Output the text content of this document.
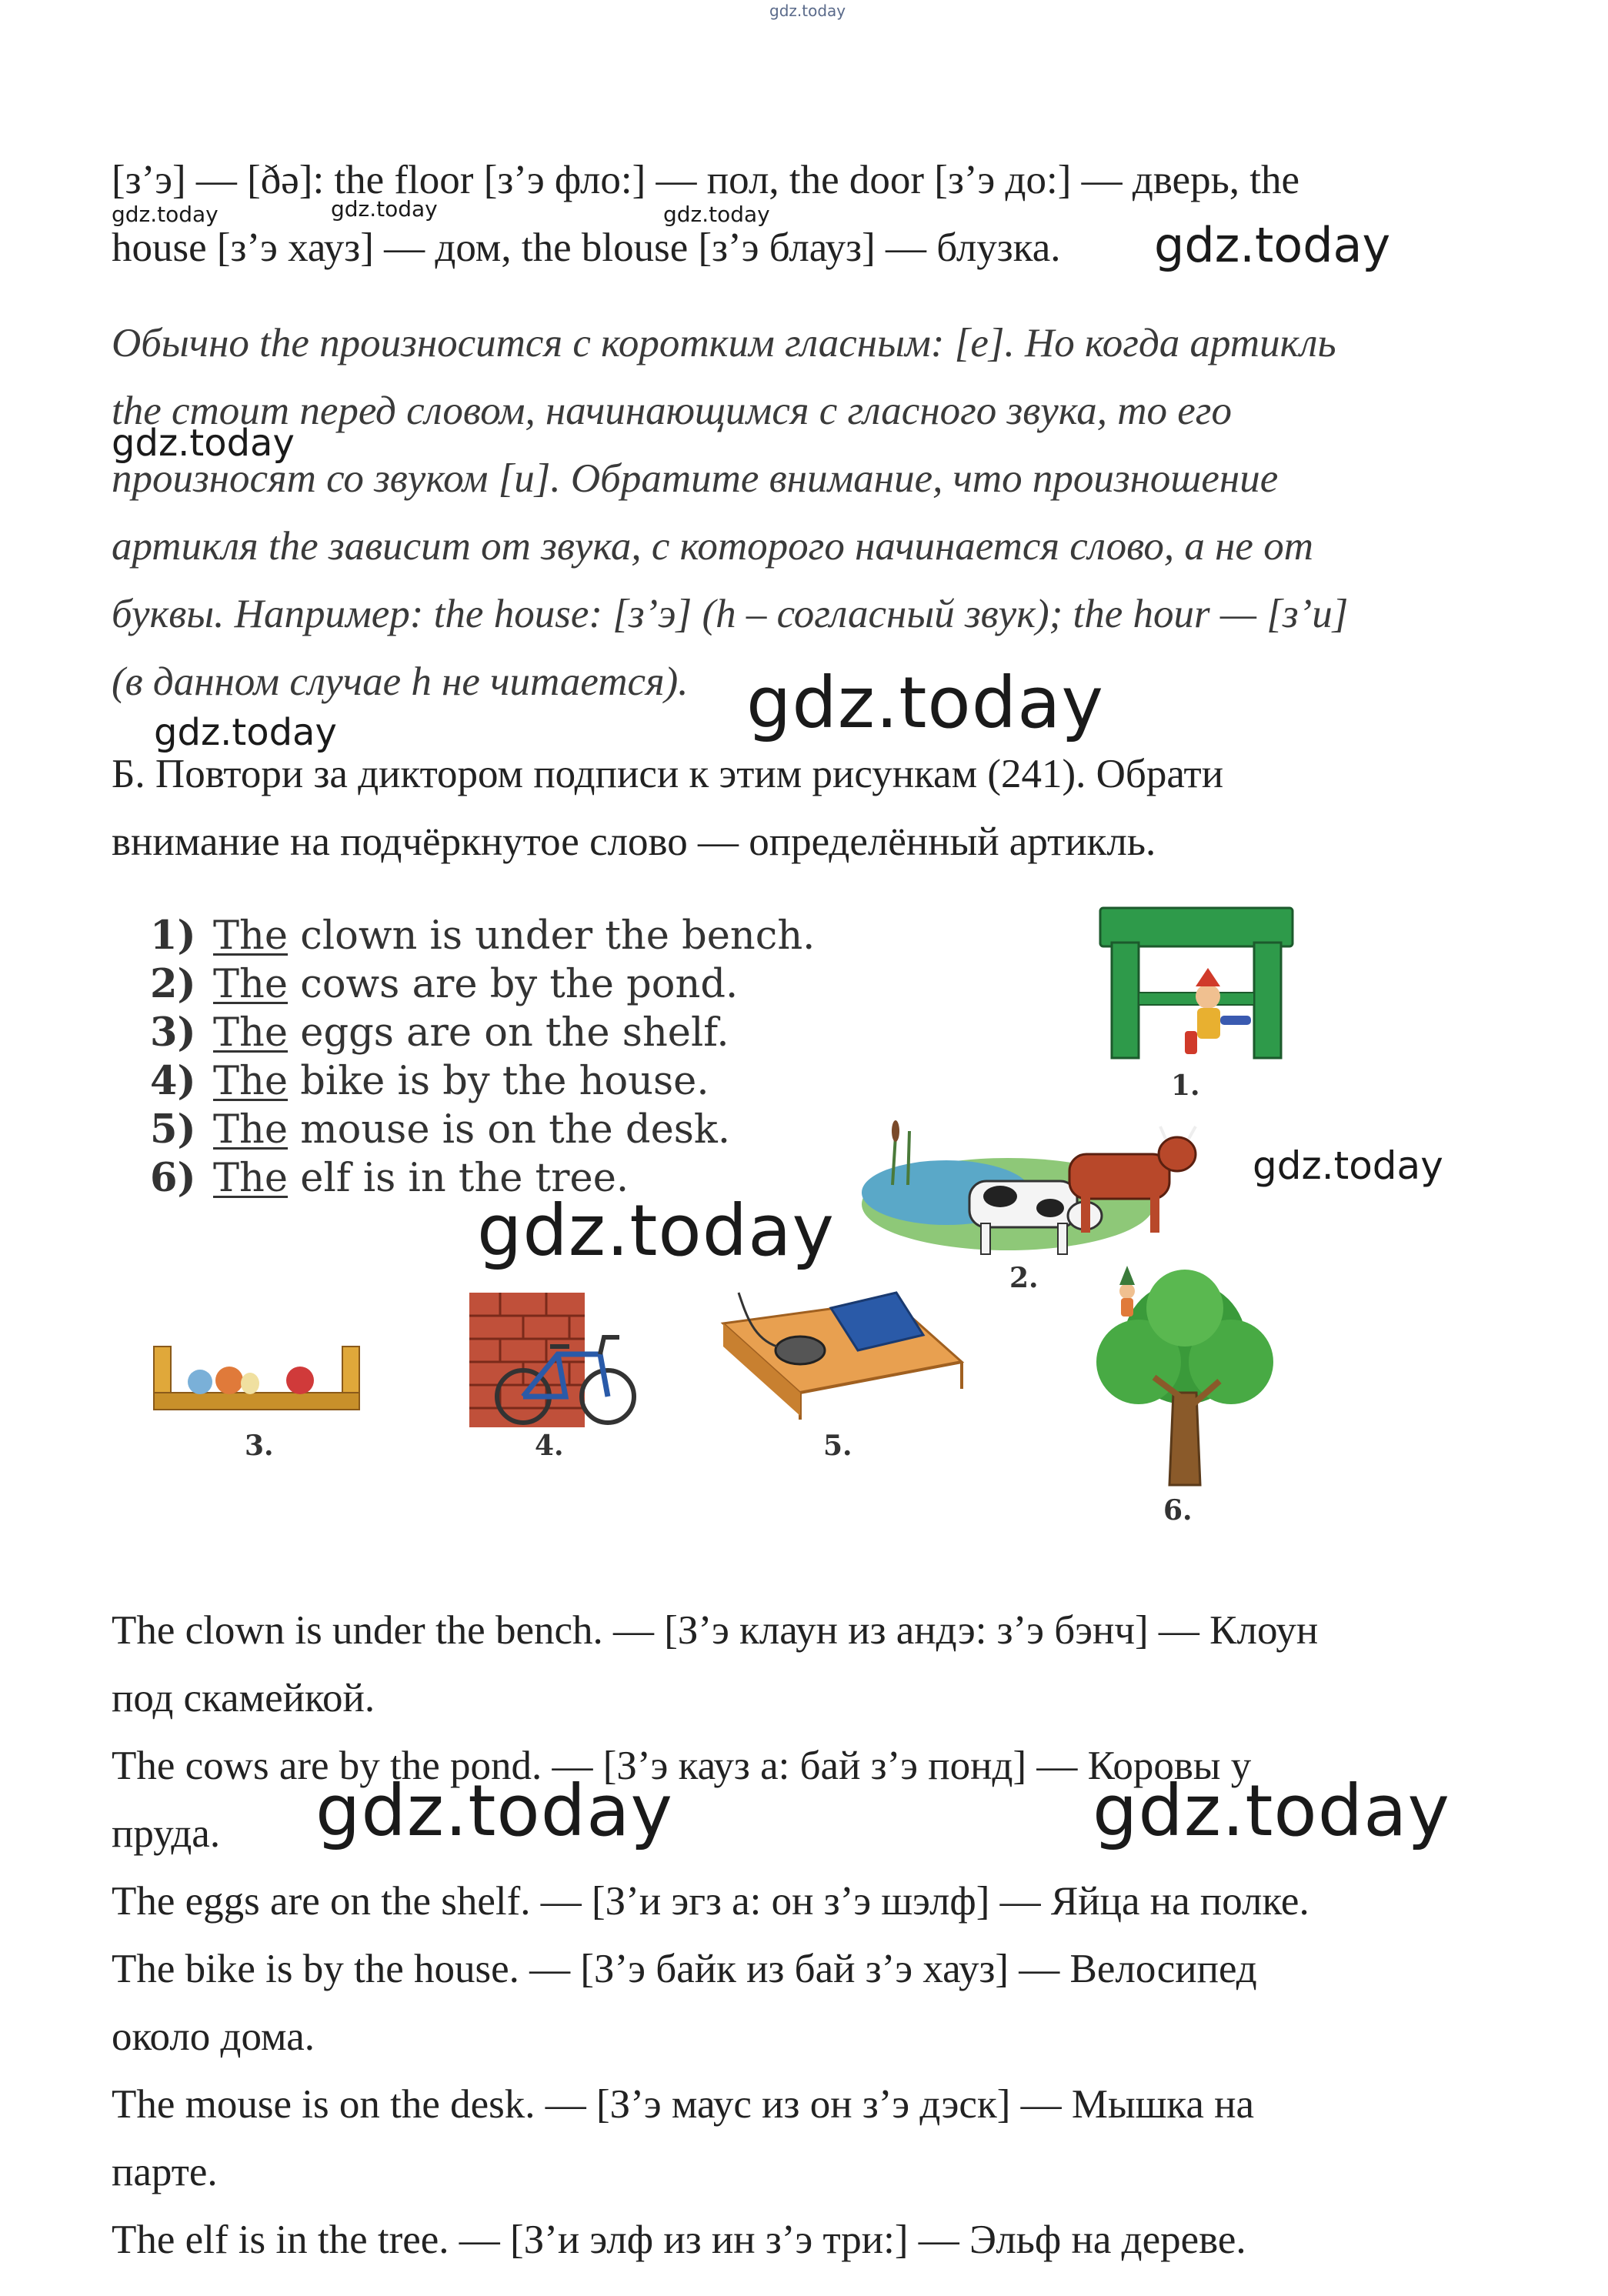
gdz.today
[з’э] — [ðə]: the floor [з’э фло:] — пол, the door [з’э до:] — дверь, the
house [з’э хауз] — дом, the blouse [з’э блауз] — блузка.
gdz.today	gdz.today	gdz.today
gdz.today
Обычно the произносится с коротким гласным: [е]. Но когда артикль
the стоит перед словом, начинающимся с гласного звука, то его
произносят со звуком [и]. Обратите внимание, что произношение
артикля the зависит от звука, с которого начинается слово, а не от
буквы. Например: the house: [з’э] (h – согласный звук); the hour — [з’и]
(в данном случае h не читается).
gdz.today
gdz.today
gdz.today
Б. Повтори за диктором подписи к этим рисункам (241). Обрати
внимание на подчёркнутое слово — определённый артикль.
1) The clown is under the bench.
2) The cows are by the pond.
3) The eggs are on the shelf.
4) The bike is by the house.
5) The mouse is on the desk.
6) The elf is in the tree.
1.
2.
3.	4.	5.
6.
gdz.today
gdz.today
The clown is under the bench. — [З’э клаун из андэ: з’э бэнч] — Клоун
под скамейкой.
The cows are by the pond. — [З’э кауз а: бай з’э понд] — Коровы у
пруда.
The eggs are on the shelf. — [З’и эгз а: он з’э шэлф] — Яйца на полке.
The bike is by the house. — [З’э байк из бай з’э хауз] — Велосипед
около дома.
The mouse is on the desk. — [З’э маус из он з’э дэск] — Мышка на
парте.
The elf is in the tree. — [З’и элф из ин з’э три:] — Эльф на дереве.
gdz.today	gdz.today
